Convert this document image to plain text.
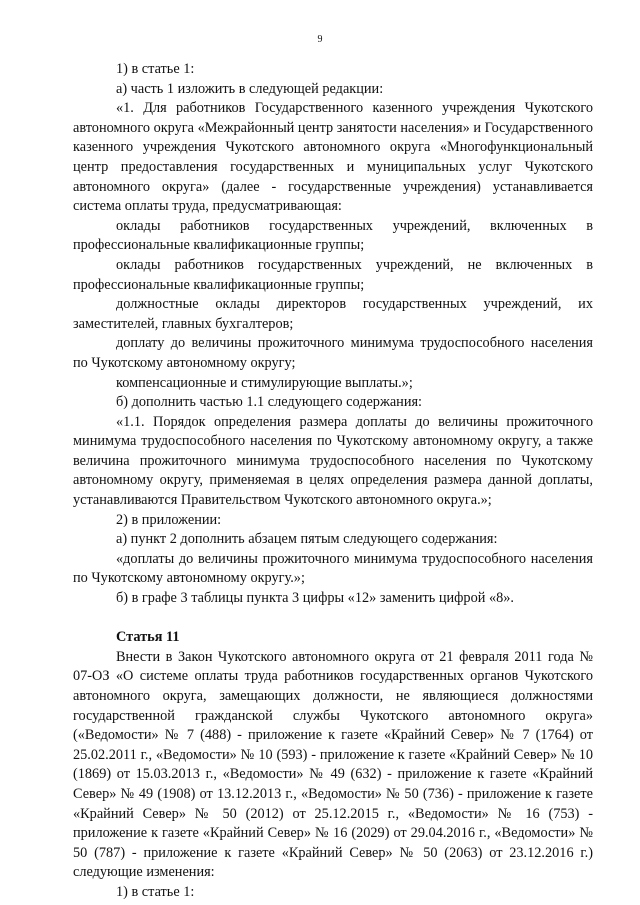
9

1) в статье 1:

а) часть 1 изложить в следующей редакции:

«1. Для работников Государственного казенного учреждения Чукотского автономного округа «Межрайонный центр занятости населения» и Государственного казенного учреждения Чукотского автономного округа «Многофункциональный центр предоставления государственных и муниципальных услуг Чукотского автономного округа» (далее - государственные учреждения) устанавливается система оплаты труда, предусматривающая:

оклады работников государственных учреждений, включенных в профессиональные квалификационные группы;

оклады работников государственных учреждений, не включенных в профессиональные квалификационные группы;

должностные оклады директоров государственных учреждений, их заместителей, главных бухгалтеров;

доплату до величины прожиточного минимума трудоспособного населения по Чукотскому автономному округу;

компенсационные и стимулирующие выплаты.»;

б) дополнить частью 1.1 следующего содержания:

«1.1. Порядок определения размера доплаты до величины прожиточного минимума трудоспособного населения по Чукотскому автономному округу, а также величина прожиточного минимума трудоспособного населения по Чукотскому автономному округу, применяемая в целях определения размера данной доплаты, устанавливаются Правительством Чукотского автономного округа.»;

2) в приложении:

а) пункт 2 дополнить абзацем пятым следующего содержания:

«доплаты до величины прожиточного минимума трудоспособного населения по Чукотскому автономному округу.»;

б) в графе 3 таблицы пункта 3 цифры «12» заменить цифрой «8».

Статья 11

Внести в Закон Чукотского автономного округа от 21 февраля 2011 года № 07-ОЗ «О системе оплаты труда работников государственных органов Чукотского автономного округа, замещающих должности, не являющиеся должностями государственной гражданской службы Чукотского автономного округа» («Ведомости» № 7 (488) - приложение к газете «Крайний Север» № 7 (1764) от 25.02.2011 г., «Ведомости» № 10 (593) - приложение к газете «Крайний Север» № 10 (1869) от 15.03.2013 г., «Ведомости» № 49 (632) - приложение к газете «Крайний Север» № 49 (1908) от 13.12.2013 г., «Ведомости» № 50 (736) - приложение к газете «Крайний Север» № 50 (2012) от 25.12.2015 г., «Ведомости» № 16 (753) - приложение к газете «Крайний Север» № 16 (2029) от 29.04.2016 г., «Ведомости» № 50 (787) - приложение к газете «Крайний Север» № 50 (2063) от 23.12.2016 г.) следующие изменения:

1) в статье 1:
